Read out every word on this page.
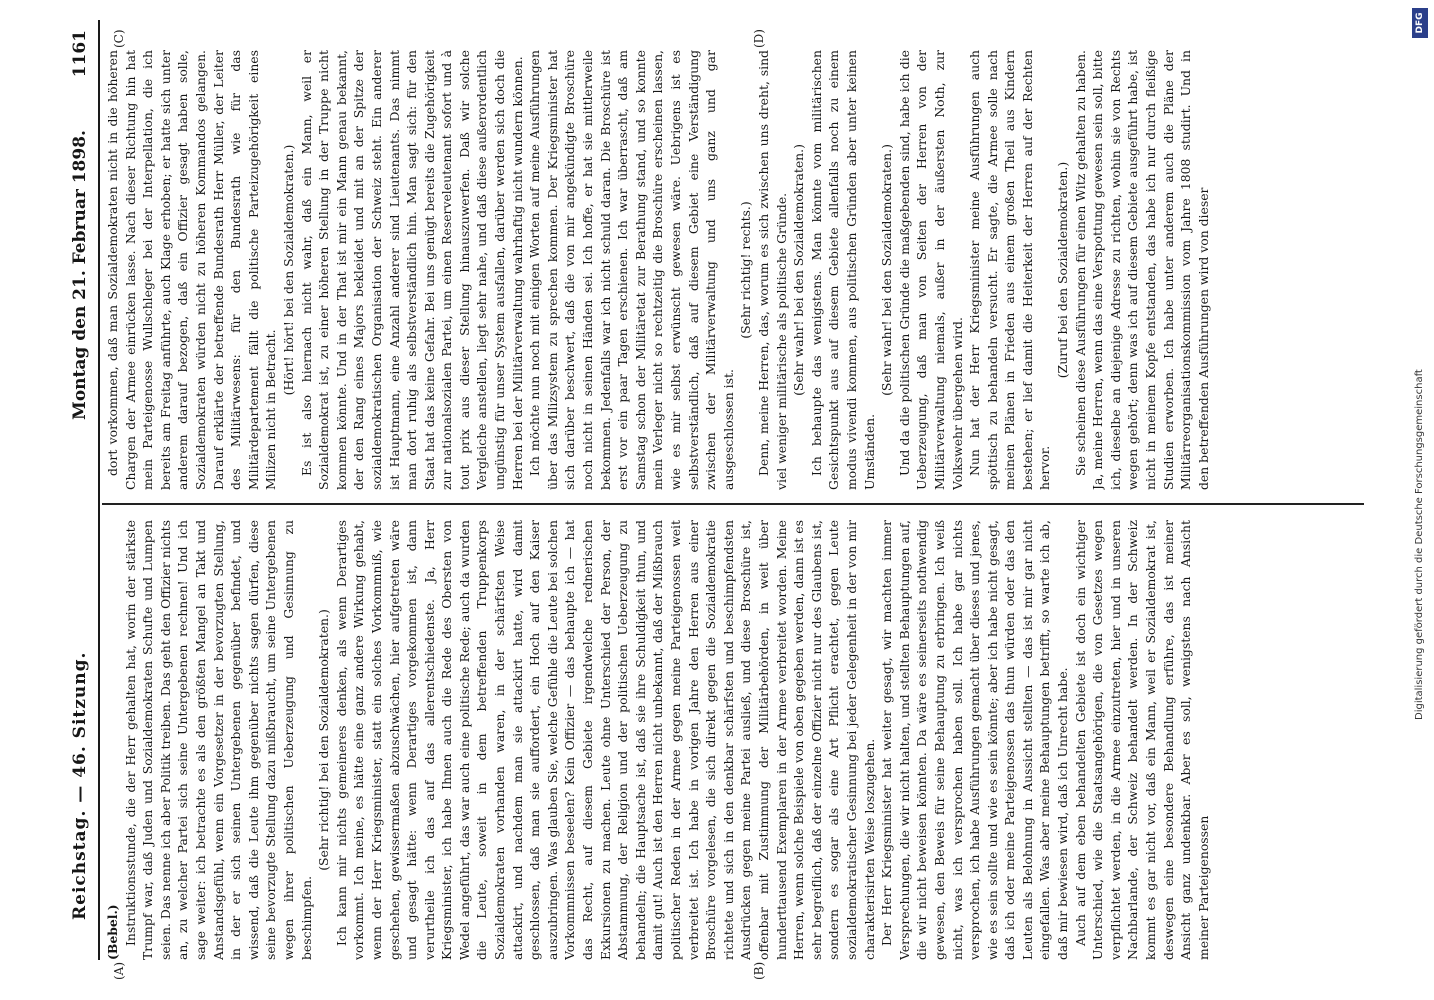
Reichstag. — 46. Sitzung.
1161
Montag den 21. Februar 1898.

(Bebel.) Instruktionsstunde, die der Herr gehalten hat, worin der stärkste Trumpf war, daß Juden und Sozialdemokraten Schufte und Lumpen seien. Das nenne ich aber Politik treiben. Das geht den Offizier nichts an, zu welcher Partei sich seine Untergebenen rechnen! Und ich sage weiter: ich betrachte es als den größten Mangel an Takt und Anstandsgefühl, wenn ein Vorgesetzer in der bevorzugten Stellung, in der er sich seinen Untergebenen gegenüber befindet, und wissend, daß die Leute ihm gegenüber nichts sagen dürfen, diese seine bevorzugte Stellung dazu mißbraucht, um seine Untergebenen wegen ihrer politischen Ueberzeugung und Gesinnung zu beschimpfen.

(Sehr richtig! bei den Sozialdemokraten.) Ich kann mir nichts gemeineres denken, als wenn Derartiges vorkommt. Ich meine, es hätte eine ganz andere Wirkung gehabt, wenn der Herr Kriegsminister, statt ein solches Vorkommniß, wie geschehen, gewissermaßen abzuschwächen, hier aufgetreten wäre und gesagt hätte: wenn Derartiges vorgekommen ist, dann verurtheile ich das auf das allerentschiedenste. Ja, Herr Kriegsminister, ich habe Ihnen auch die Rede des Obersten von Wedel angeführt, das war auch eine politische Rede; auch da wurden die Leute, soweit in dem betreffenden Truppenkorps Sozialdemokraten vorhanden waren, in der schärfsten Weise attackirt, und nachdem man sie attackirt hatte, wird damit geschlossen, daß man sie auffordert, ein Hoch auf den Kaiser auszubringen. Was glauben Sie, welche Gefühle die Leute bei solchen Vorkommnissen beseelen? Kein Offizier — das behaupte ich — hat das Recht, auf diesem Gebiete irgendwelche rednerischen Exkursionen zu machen. Leute ohne Unterschied der Person, der Abstammung, der Religion und der politischen Ueberzeugung zu behandeln; die Hauptsache ist, daß sie ihre Schuldigkeit thun, und damit gut! Auch ist den Herren nicht unbekannt, daß der Mißbrauch politischer Reden in der Armee gegen meine Parteigenossen weit verbreitet ist. Ich habe in vorigen Jahre den Herren aus einer Broschüre vorgelesen, die sich direkt gegen die Sozialdemokratie richtete und sich in den denkbar schärfsten und beschimpfendsten Ausdrücken gegen meine Partei ausließ, und diese Broschüre ist, offenbar mit Zustimmung der Militärbehörden, in weit über hunderttausend Exemplaren in der Armee verbreitet worden. Meine Herren, wenn solche Beispiele von oben gegeben werden, dann ist es sehr begreiflich, daß der einzelne Offizier nicht nur des Glaubens ist, sondern es sogar als eine Art Pflicht erachtet, gegen Leute sozialdemokratischer Gesinnung bei jeder Gelegenheit in der von mir charakterisirten Weise loszugehen. Der Herr Kriegsminister hat weiter gesagt, wir machten immer Versprechungen, die wir nicht halten, und stellten Behauptungen auf, die wir nicht beweisen könnten. Da wäre es seinerseits nothwendig gewesen, den Beweis für seine Behauptung zu erbringen. Ich weiß nicht, was ich versprochen haben soll. Ich habe gar nichts versprochen, ich habe Ausführungen gemacht über dieses und jenes, wie es sein sollte und wie es sein könnte; aber ich habe nicht gesagt, daß ich oder meine Parteigenossen das thun würden oder das den Leuten als Belohnung in Aussicht stellten — das ist mir gar nicht eingefallen. Was aber meine Behauptungen betrifft, so warte ich ab, daß mir bewiesen wird, daß ich Unrecht habe. Auch auf dem eben behandelten Gebiete ist doch ein wichtiger Unterschied, wie die Staatsangehörigen, die von Gesetzes wegen verpflichtet werden, in die Armee einzutreten, hier und in unseren Nachbarlande, der Schweiz behandelt werden. In der Schweiz kommt es gar nicht vor, daß ein Mann, weil er Sozialdemokrat ist, deswegen eine besondere Behandlung erführe, das ist meiner Ansicht ganz undenkbar. Aber es soll, wenigstens nach Ansicht meiner Parteigenossen

dort vorkommen, daß man Sozialdemokraten nicht in die höheren Chargen der Armee einrücken lasse. Nach dieser Richtung hin hat mein Parteigenosse Wullschleger bei der Interpellation, die ich bereits am Freitag anführte, auch Klage erhoben; er hatte sich unter anderem darauf bezogen, daß ein Offizier gesagt haben solle, Sozialdemokraten würden nicht zu höheren Kommandos gelangen. Darauf erklärte der betreffende Bundesrath Herr Müller, der Leiter des Militärwesens: für den Bundesrath wie für das Militärdepartement fällt die politische Parteizugehörigkeit eines Milizen nicht in Betracht.

(Hört! hört! bei den Sozialdemokraten.) Es ist also hiernach nicht wahr, daß ein Mann, weil er Sozialdemokrat ist, zu einer höheren Stellung in der Truppe nicht kommen könnte. Und in der That ist mir ein Mann genau bekannt, der den Rang eines Majors bekleidet und mit an der Spitze der sozialdemokratischen Organisation der Schweiz steht. Ein anderer ist Hauptmann, eine Anzahl anderer sind Lieutenants. Das nimmt man dort ruhig als selbstverständlich hin. Man sagt sich: für den Staat hat das keine Gefahr. Bei uns genügt bereits die Zugehörigkeit zur nationalsozialen Partei, um einen Reserveleutenant sofort und à tout prix aus dieser Stellung hinauszuwerfen. Daß wir solche Vergleiche anstellen, liegt sehr nahe, und daß diese außerordentlich ungünstig für unser System ausfallen, darüber werden sich doch die Herren bei der Militärverwaltung wahrhaftig nicht wundern können. Ich möchte nun noch mit einigen Worten auf meine Ausführungen über das Milizsystem zu sprechen kommen. Der Kriegsminister hat sich darüber beschwert, daß die von mir angekündigte Broschüre noch nicht in seinen Händen sei. Ich hoffe, er hat sie mittlerweile bekommen. Jedenfalls war ich nicht schuld daran. Die Broschüre ist erst vor ein paar Tagen erschienen. Ich war überrascht, daß am Samstag schon der Militäretat zur Berathung stand, und so konnte mein Verleger nicht so rechtzeitig die Broschüre erscheinen lassen, wie es mir selbst erwünscht gewesen wäre. Uebrigens ist es selbstverständlich, daß auf diesem Gebiet eine Verständigung zwischen der Militärverwaltung und uns ganz und gar ausgeschlossen ist.

(Sehr richtig! rechts.) Denn, meine Herren, das, worum es sich zwischen uns dreht, sind viel weniger militärische als politische Gründe. (Sehr wahr! bei den Sozialdemokraten.) Ich behaupte das wenigstens. Man könnte vom militärischen Gesichtspunkt aus auf diesem Gebiete allenfalls noch zu einem modus vivendi kommen, aus politischen Gründen aber unter keinen Umständen.

(Sehr wahr! bei den Sozialdemokraten.) Und da die politischen Gründe die maßgebenden sind, habe ich die Ueberzeugung, daß man von Seiten der Herren von der Militärverwaltung niemals, außer in der äußersten Noth, zur Volkswehr übergehen wird. Nun hat der Herr Kriegsminister meine Ausführungen auch spöttisch zu behandeln versucht. Er sagte, die Armee solle nach meinen Plänen in Frieden aus einem großen Theil aus Kindern bestehen; er lief damit die Heiterkeit der Herren auf der Rechten hervor.

(Zuruf bei den Sozialdemokraten.) Sie scheinen diese Ausführungen für einen Witz gehalten zu haben. Ja, meine Herren, wenn das eine Verspottung gewesen sein soll, bitte ich, dieselbe an diejenige Adresse zu richten, wohin sie von Rechts wegen gehört; denn was ich auf diesem Gebiete ausgeführt habe, ist nicht in meinem Kopfe entstanden, das habe ich nur durch fleißige Studien erworben. Ich habe unter anderem auch die Pläne der Militärreorganisationskommission vom Jahre 1808 studirt. Und in den betreffenden Ausführungen wird von dieser

(A)	(B)
(C)	(D)
DFG
Digitalisierung gefördert durch die Deutsche Forschungsgemeinschaft
